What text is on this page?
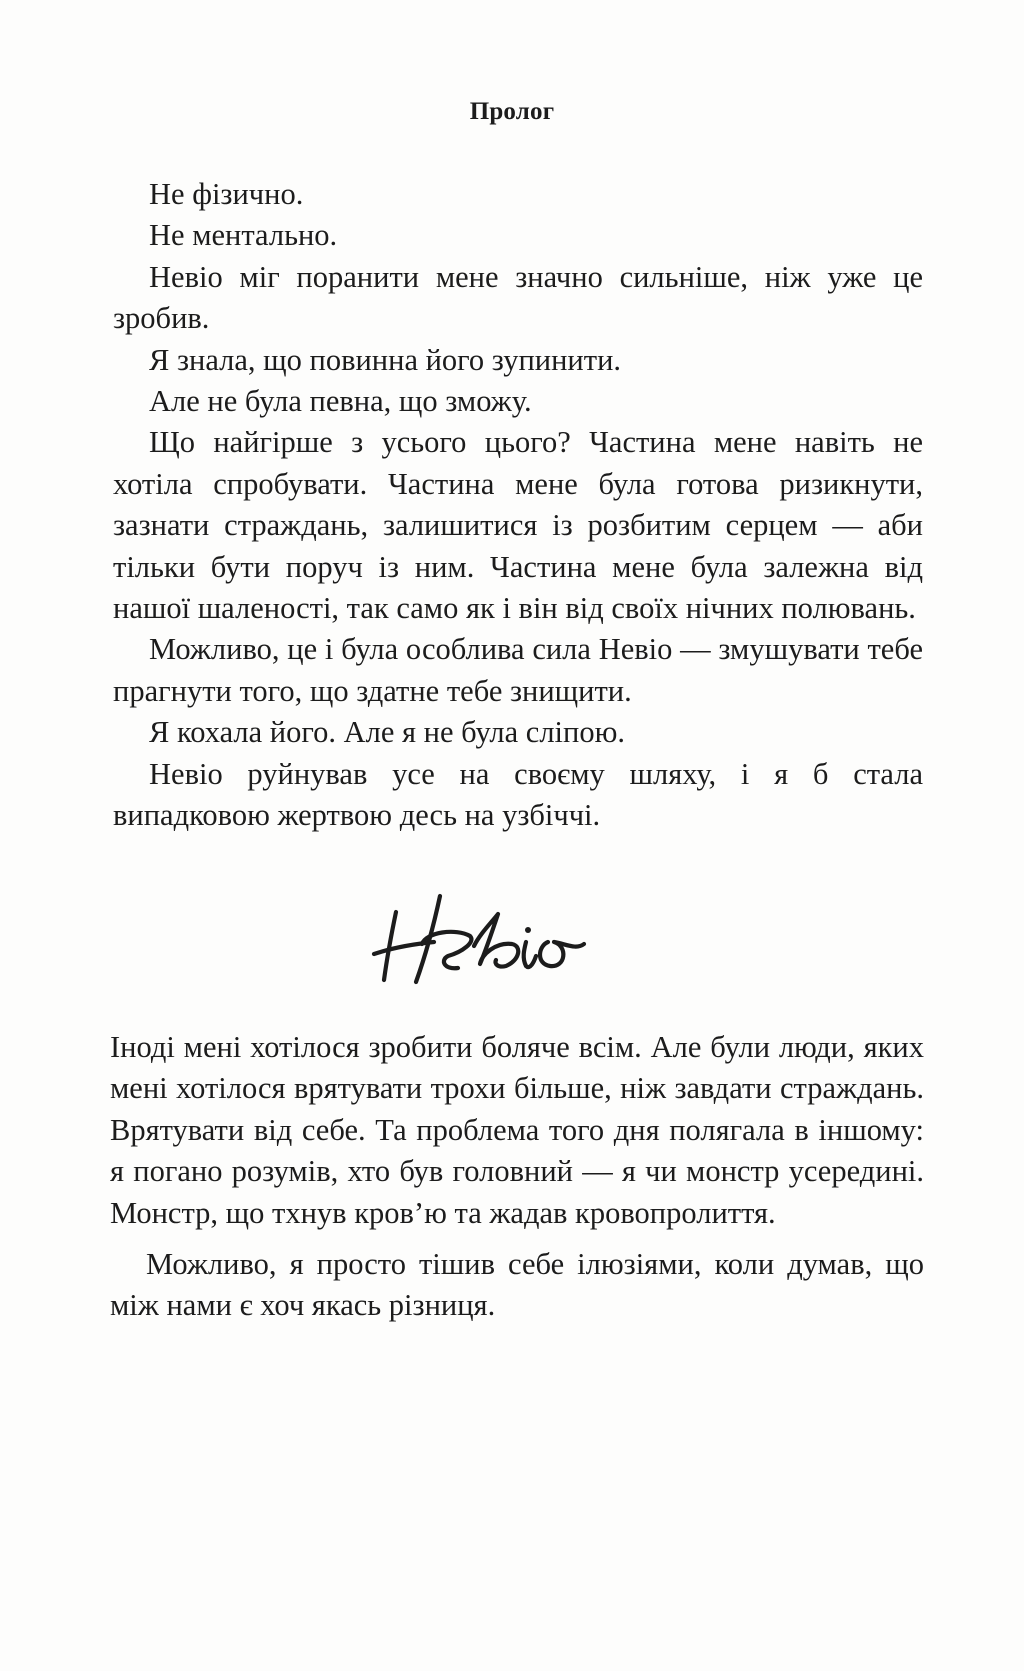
Пролог

Не фізично.

Не ментально.

Невіо міг поранити мене значно сильніше, ніж уже це зробив.

Я знала, що повинна його зупинити.

Але не була певна, що зможу.

Що найгірше з усього цього? Частина мене навіть не хотіла спробувати. Частина мене була готова ризикнути, зазнати страждань, залишитися із розбитим серцем — аби тільки бути поруч із ним. Частина мене була залежна від нашої шаленості, так само як і він від своїх нічних полювань.

Можливо, це і була особлива сила Невіо — змушувати тебе прагнути того, що здатне тебе знищити.

Я кохала його. Але я не була сліпою.

Невіо руйнував усе на своєму шляху, і я б стала випадковою жертвою десь на узбіччі.

Іноді мені хотілося зробити боляче всім. Але були люди, яких мені хотілося врятувати трохи більше, ніж завдати страждань. Врятувати від себе. Та проблема того дня полягала в іншому: я погано розумів, хто був головний — я чи монстр усередині. Монстр, що тхнув кров’ю та жадав кровопролиття.

Можливо, я просто тішив себе ілюзіями, коли думав, що між нами є хоч якась різниця.
